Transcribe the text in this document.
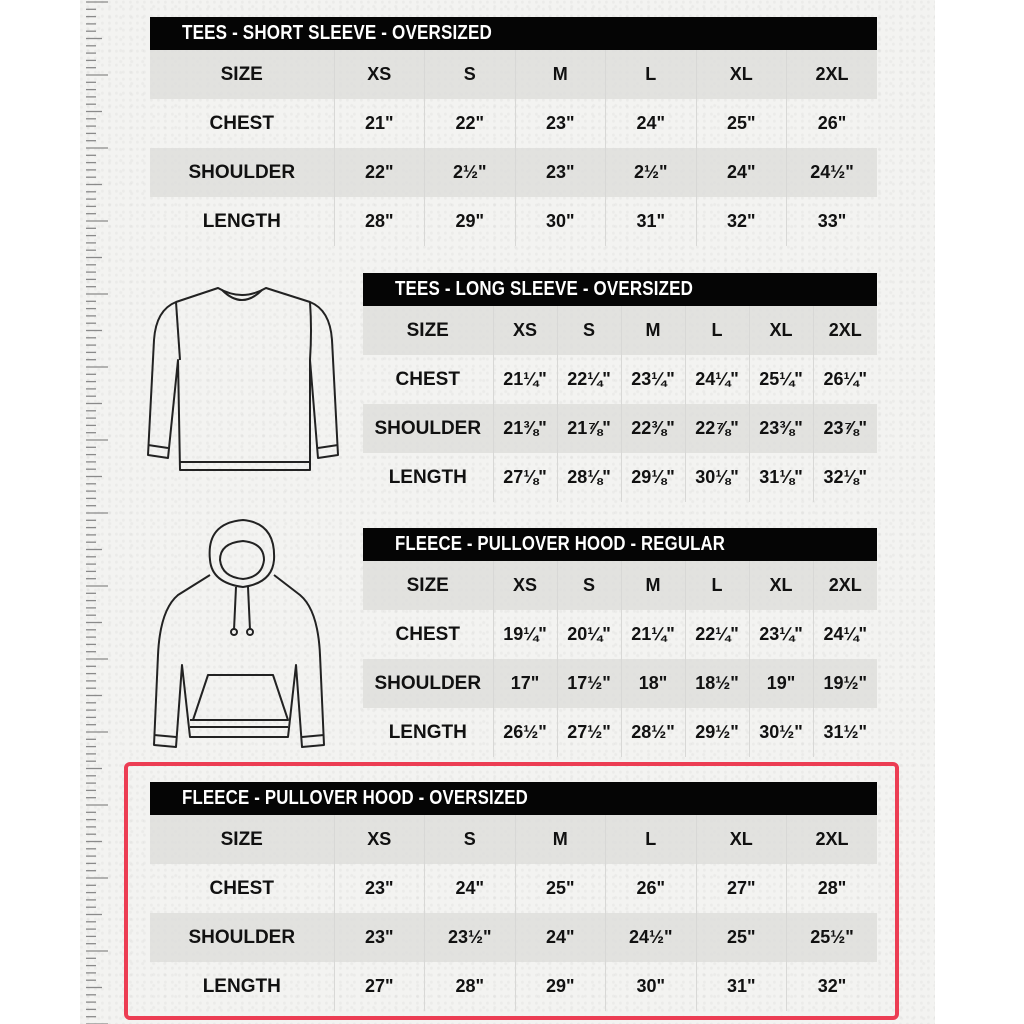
TEES - SHORT SLEEVE - OVERSIZED
SIZE	XS	S	M	L	XL	2XL
CHEST	21"	22"	23"	24"	25"	26"
SHOULDER	22"	2½"	23"	2½"	24"	24½"
LENGTH	28"	29"	30"	31"	32"	33"
TEES - LONG SLEEVE - OVERSIZED
SIZE	XS	S	M	L	XL	2XL
CHEST	21¼"	22¼"	23¼"	24¼"	25¼"	26¼"
SHOULDER	21⅜"	21⅞"	22⅜"	22⅞"	23⅜"	23⅞"
LENGTH	27⅛"	28⅛"	29⅛"	30⅛"	31⅛"	32⅛"
FLEECE - PULLOVER HOOD - REGULAR
SIZE	XS	S	M	L	XL	2XL
CHEST	19¼"	20¼"	21¼"	22¼"	23¼"	24¼"
SHOULDER	17"	17½"	18"	18½"	19"	19½"
LENGTH	26½"	27½"	28½"	29½"	30½"	31½"
FLEECE - PULLOVER HOOD - OVERSIZED
SIZE	XS	S	M	L	XL	2XL
CHEST	23"	24"	25"	26"	27"	28"
SHOULDER	23"	23½"	24"	24½"	25"	25½"
LENGTH	27"	28"	29"	30"	31"	32"
